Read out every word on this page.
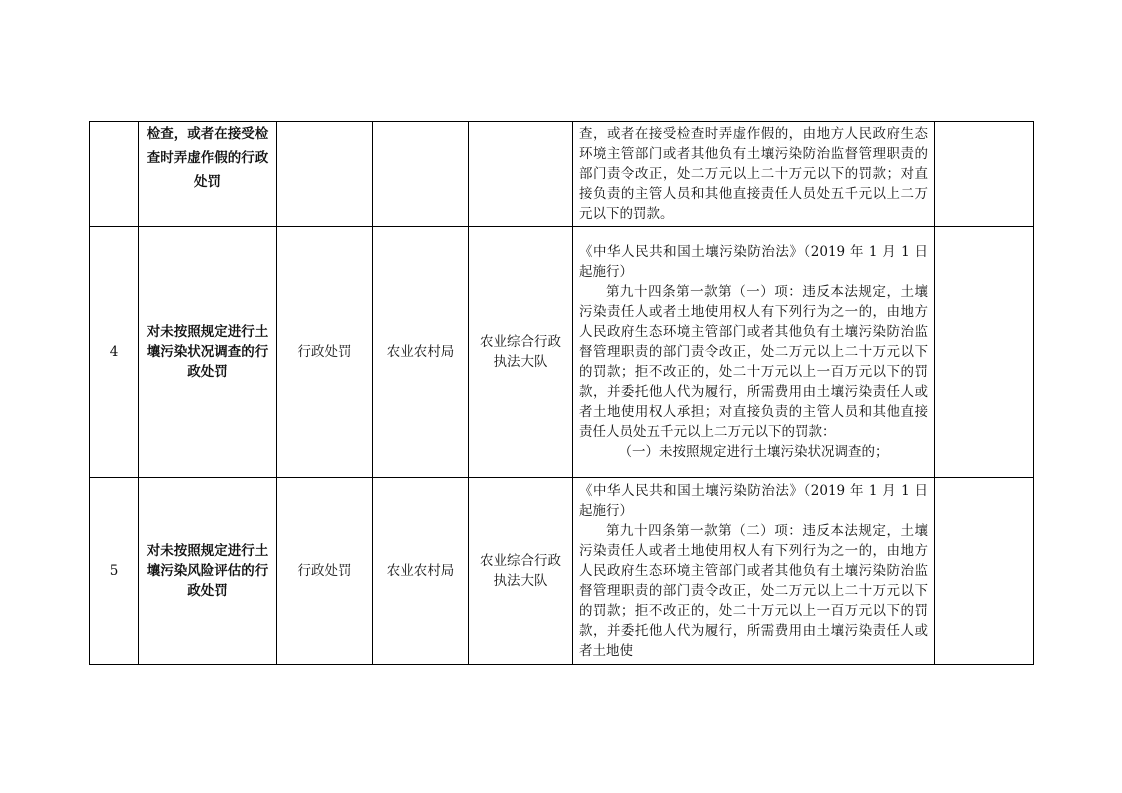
	检查，或者在接受检查时弄虚作假的行政处罚				查，或者在接受检查时弄虚作假的，由地方人民政府生态环境主管部门或者其他负有土壤污染防治监督管理职责的部门责令改正，处二万元以上二十万元以下的罚款；对直接负责的主管人员和其他直接责任人员处五千元以上二万元以下的罚款。	

4	对未按照规定进行土壤污染状况调查的行政处罚	行政处罚	农业农村局	农业综合行政执法大队	《中华人民共和国土壤污染防治法》（2019 年 1 月 1 日起施行）

第九十四条第一款第（一）项：违反本法规定，土壤污染责任人或者土地使用权人有下列行为之一的，由地方人民政府生态环境主管部门或者其他负有土壤污染防治监督管理职责的部门责令改正，处二万元以上二十万元以下的罚款；拒不改正的，处二十万元以上一百万元以下的罚款，并委托他人代为履行，所需费用由土壤污染责任人或者土地使用权人承担；对直接负责的主管人员和其他直接责任人员处五千元以上二万元以下的罚款：

（一）未按照规定进行土壤污染状况调查的；	

5	对未按照规定进行土壤污染风险评估的行政处罚	行政处罚	农业农村局	农业综合行政执法大队	《中华人民共和国土壤污染防治法》（2019 年 1 月 1 日起施行）

第九十四条第一款第（二）项：违反本法规定，土壤污染责任人或者土地使用权人有下列行为之一的，由地方人民政府生态环境主管部门或者其他负有土壤污染防治监督管理职责的部门责令改正，处二万元以上二十万元以下的罚款；拒不改正的，处二十万元以上一百万元以下的罚款，并委托他人代为履行，所需费用由土壤污染责任人或者土地使	
